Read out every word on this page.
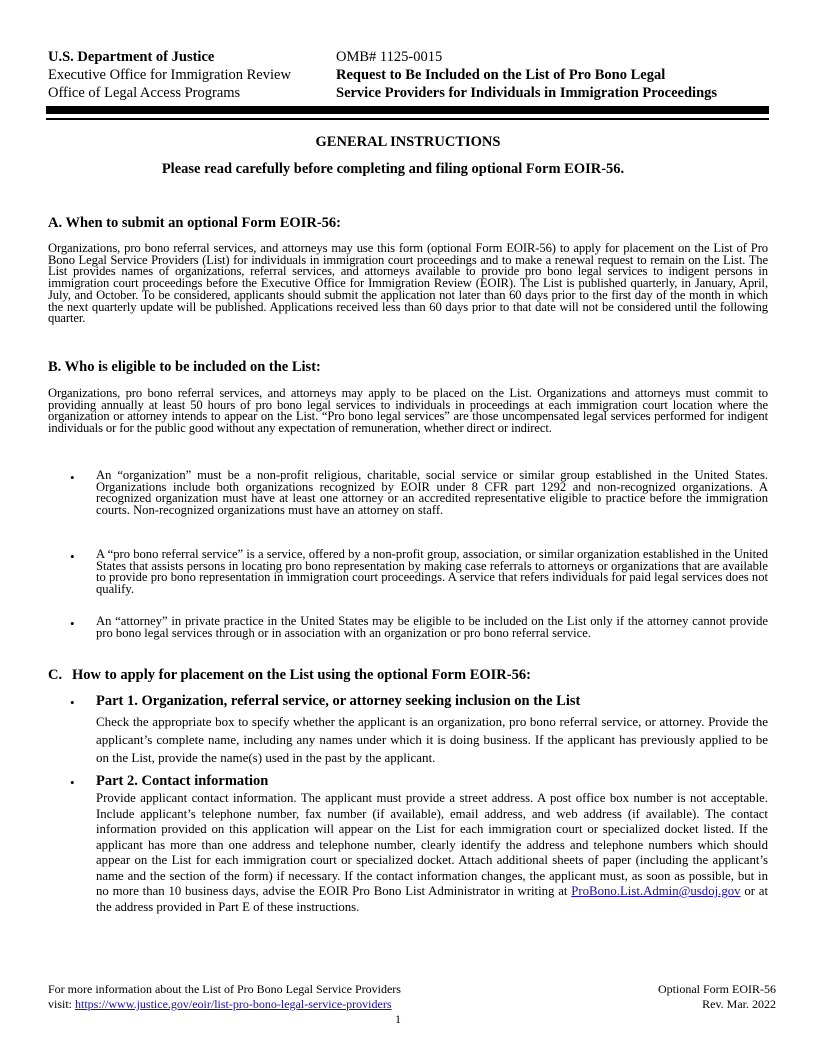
U.S. Department of Justice
Executive Office for Immigration Review
Office of Legal Access Programs
OMB# 1125-0015
Request to Be Included on the List of Pro Bono Legal
Service Providers for Individuals in Immigration Proceedings
GENERAL INSTRUCTIONS
Please read carefully before completing and filing optional Form EOIR-56.
A. When to submit an optional Form EOIR-56:
Organizations, pro bono referral services, and attorneys may use this form (optional Form EOIR-56) to apply for placement on the List of Pro Bono Legal Service Providers (List) for individuals in immigration court proceedings and to make a renewal request to remain on the List. The List provides names of organizations, referral services, and attorneys available to provide pro bono legal services to indigent persons in immigration court proceedings before the Executive Office for Immigration Review (EOIR). The List is published quarterly, in January, April, July, and October. To be considered, applicants should submit the application not later than 60 days prior to the first day of the month in which the next quarterly update will be published. Applications received less than 60 days prior to that date will not be considered until the following quarter.
B. Who is eligible to be included on the List:
Organizations, pro bono referral services, and attorneys may apply to be placed on the List. Organizations and attorneys must commit to providing annually at least 50 hours of pro bono legal services to individuals in proceedings at each immigration court location where the organization or attorney intends to appear on the List. “Pro bono legal services” are those uncompensated legal services performed for indigent individuals or for the public good without any expectation of remuneration, whether direct or indirect.
• An “organization” must be a non-profit religious, charitable, social service or similar group established in the United States. Organizations include both organizations recognized by EOIR under 8 CFR part 1292 and non-recognized organizations. A recognized organization must have at least one attorney or an accredited representative eligible to practice before the immigration courts. Non-recognized organizations must have an attorney on staff.
• A “pro bono referral service” is a service, offered by a non-profit group, association, or similar organization established in the United States that assists persons in locating pro bono representation by making case referrals to attorneys or organizations that are available to provide pro bono representation in immigration court proceedings. A service that refers individuals for paid legal services does not qualify.
• An “attorney” in private practice in the United States may be eligible to be included on the List only if the attorney cannot provide pro bono legal services through or in association with an organization or pro bono referral service.
C. How to apply for placement on the List using the optional Form EOIR-56:
• Part 1. Organization, referral service, or attorney seeking inclusion on the List
Check the appropriate box to specify whether the applicant is an organization, pro bono referral service, or attorney. Provide the applicant’s complete name, including any names under which it is doing business. If the applicant has previously applied to be on the List, provide the name(s) used in the past by the applicant.
• Part 2. Contact information
Provide applicant contact information. The applicant must provide a street address. A post office box number is not acceptable. Include applicant’s telephone number, fax number (if available), email address, and web address (if available). The contact information provided on this application will appear on the List for each immigration court or specialized docket listed. If the applicant has more than one address and telephone number, clearly identify the address and telephone numbers which should appear on the List for each immigration court or specialized docket. Attach additional sheets of paper (including the applicant’s name and the section of the form) if necessary. If the contact information changes, the applicant must, as soon as possible, but in no more than 10 business days, advise the EOIR Pro Bono List Administrator in writing at ProBono.List.Admin@usdoj.gov or at the address provided in Part E of these instructions.
For more information about the List of Pro Bono Legal Service Providers
visit: https://www.justice.gov/eoir/list-pro-bono-legal-service-providers
Optional Form EOIR-56
Rev. Mar. 2022
1
